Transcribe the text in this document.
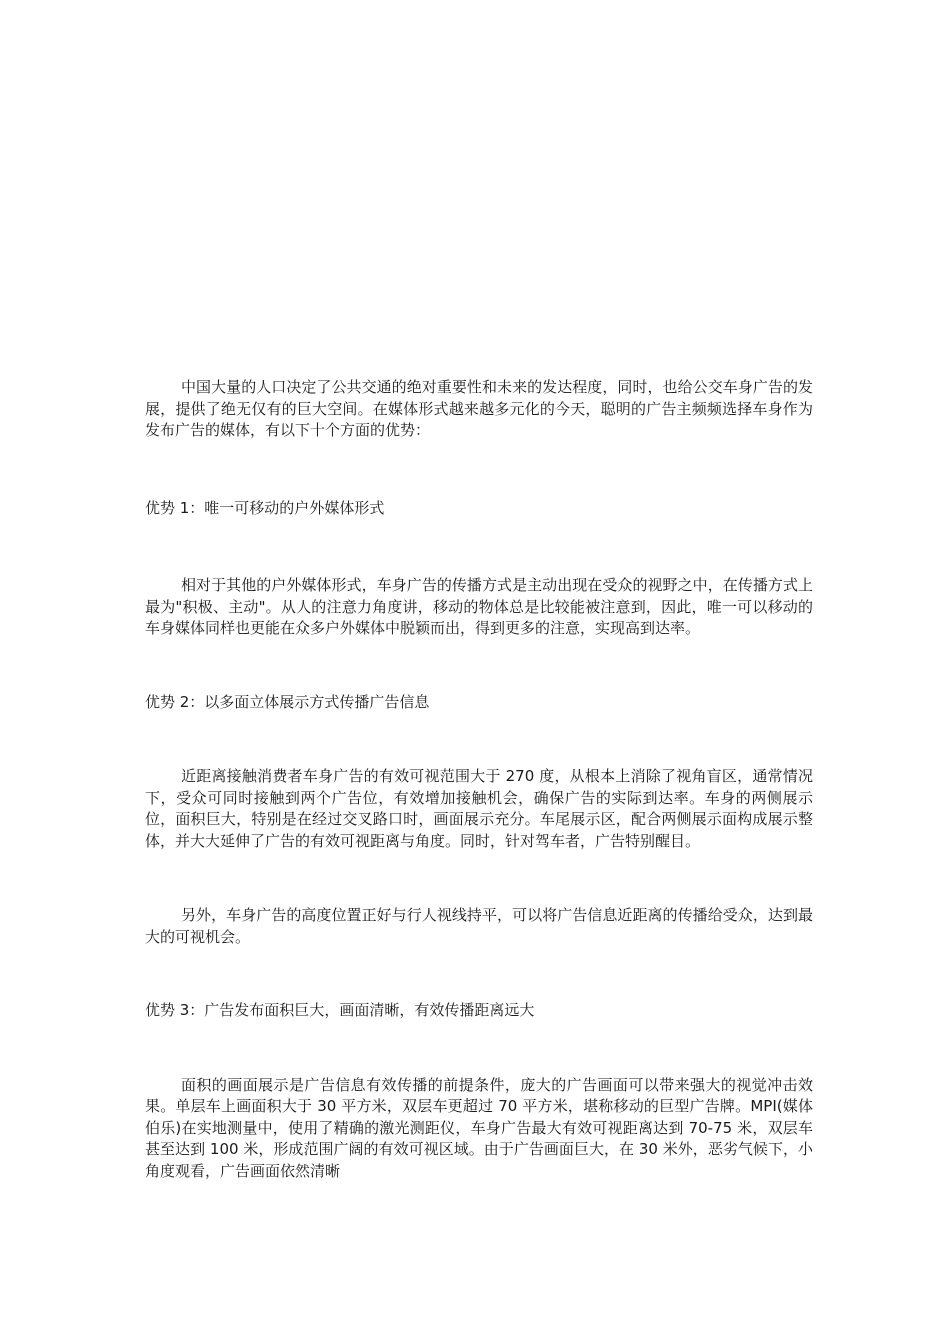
中国大量的人口决定了公共交通的绝对重要性和未来的发达程度，同时，也给公交车身广告的发展，提供了绝无仅有的巨大空间。在媒体形式越来越多元化的今天，聪明的广告主频频选择车身作为发布广告的媒体，有以下十个方面的优势：

优势 1：唯一可移动的户外媒体形式

相对于其他的户外媒体形式，车身广告的传播方式是主动出现在受众的视野之中，在传播方式上最为"积极、主动"。从人的注意力角度讲，移动的物体总是比较能被注意到，因此，唯一可以移动的车身媒体同样也更能在众多户外媒体中脱颖而出，得到更多的注意，实现高到达率。

优势 2：以多面立体展示方式传播广告信息

近距离接触消费者车身广告的有效可视范围大于 270 度，从根本上消除了视角盲区，通常情况下，受众可同时接触到两个广告位，有效增加接触机会，确保广告的实际到达率。车身的两侧展示位，面积巨大，特别是在经过交叉路口时，画面展示充分。车尾展示区，配合两侧展示面构成展示整体，并大大延伸了广告的有效可视距离与角度。同时，针对驾车者，广告特别醒目。

另外，车身广告的高度位置正好与行人视线持平，可以将广告信息近距离的传播给受众，达到最大的可视机会。

优势 3：广告发布面积巨大，画面清晰，有效传播距离远大

面积的画面展示是广告信息有效传播的前提条件，庞大的广告画面可以带来强大的视觉冲击效果。单层车上画面积大于 30 平方米，双层车更超过 70 平方米，堪称移动的巨型广告牌。MPI(媒体伯乐)在实地测量中，使用了精确的激光测距仪，车身广告最大有效可视距离达到 70-75 米，双层车甚至达到 100 米，形成范围广阔的有效可视区域。由于广告画面巨大，在 30 米外，恶劣气候下，小角度观看，广告画面依然清晰
